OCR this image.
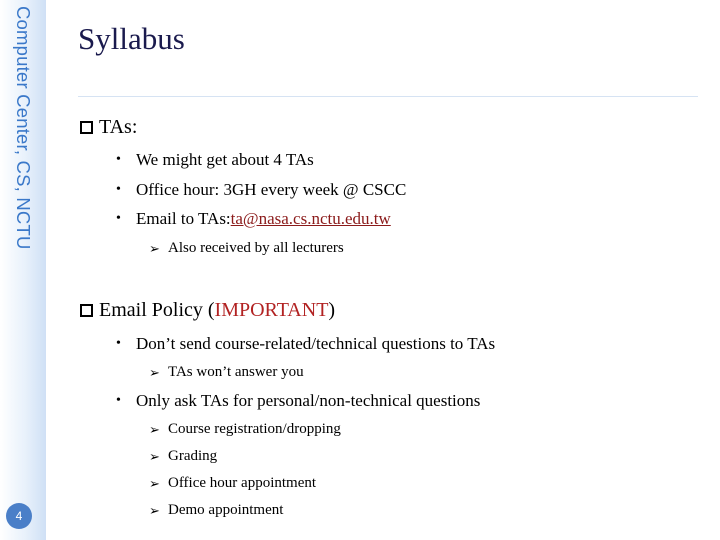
Computer Center, CS, NCTU
4
Syllabus
TAs:
• We might get about 4 TAs
• Office hour: 3GH every week @ CSCC
• Email to TAs: ta@nasa.cs.nctu.edu.tw
➢ Also received by all lecturers
Email Policy ( IMPORTANT )
• Don’t send course-related/technical questions to TAs
➢ TAs won’t answer you
• Only ask TAs for personal/non-technical questions
➢ Course registration/dropping
➢ Grading
➢ Office hour appointment
➢ Demo appointment
